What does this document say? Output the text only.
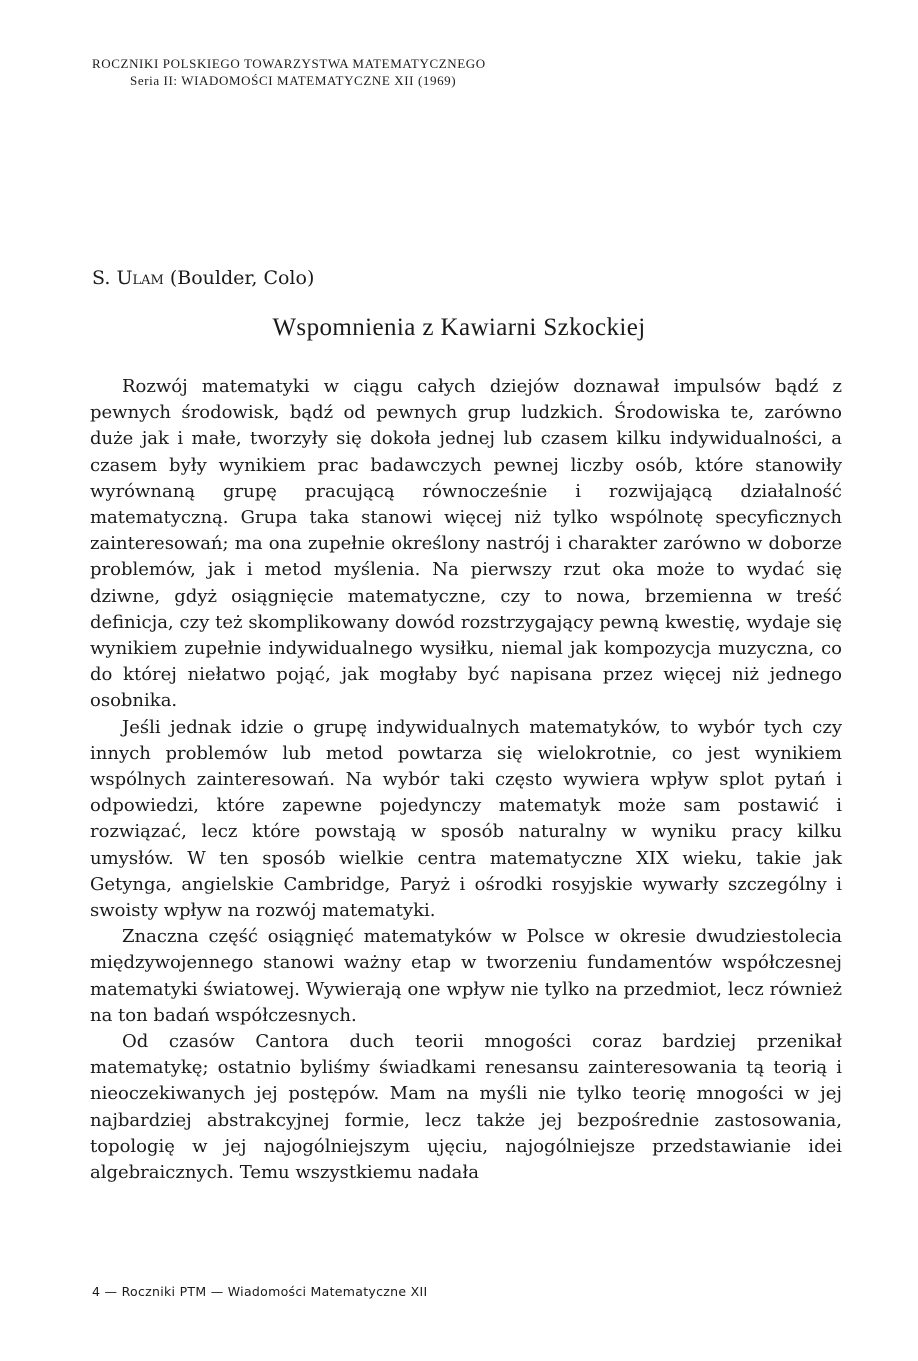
ROCZNIKI POLSKIEGO TOWARZYSTWA MATEMATYCZNEGO
Seria II: WIADOMOŚCI MATEMATYCZNE XII (1969)
S. Ulam (Boulder, Colo)
Wspomnienia z Kawiarni Szkockiej

Rozwój matematyki w ciągu całych dziejów doznawał impulsów bądź z pewnych środowisk, bądź od pewnych grup ludzkich. Środowiska te, zarówno duże jak i małe, tworzyły się dokoła jednej lub czasem kilku indywidualności, a czasem były wynikiem prac badawczych pewnej liczby osób, które stanowiły wyrównaną grupę pracującą równocześnie i rozwijającą działalność matematyczną. Grupa taka stanowi więcej niż tylko wspólnotę specyficznych zainteresowań; ma ona zupełnie określony nastrój i charakter zarówno w doborze problemów, jak i metod myślenia. Na pierwszy rzut oka może to wydać się dziwne, gdyż osiągnięcie matematyczne, czy to nowa, brzemienna w treść definicja, czy też skomplikowany dowód rozstrzygający pewną kwestię, wydaje się wynikiem zupełnie indywidualnego wysiłku, niemal jak kompozycja muzyczna, co do której niełatwo pojąć, jak mogłaby być napisana przez więcej niż jednego osobnika.

Jeśli jednak idzie o grupę indywidualnych matematyków, to wybór tych czy innych problemów lub metod powtarza się wielokrotnie, co jest wynikiem wspólnych zainteresowań. Na wybór taki często wywiera wpływ splot pytań i odpowiedzi, które zapewne pojedynczy matematyk może sam postawić i rozwiązać, lecz które powstają w sposób naturalny w wyniku pracy kilku umysłów. W ten sposób wielkie centra matematyczne XIX wieku, takie jak Getynga, angielskie Cambridge, Paryż i ośrodki rosyjskie wywarły szczególny i swoisty wpływ na rozwój matematyki.

Znaczna część osiągnięć matematyków w Polsce w okresie dwudziestolecia międzywojennego stanowi ważny etap w tworzeniu fundamentów współczesnej matematyki światowej. Wywierają one wpływ nie tylko na przedmiot, lecz również na ton badań współczesnych.

Od czasów Cantora duch teorii mnogości coraz bardziej przenikał matematykę; ostatnio byliśmy świadkami renesansu zainteresowania tą teorią i nieoczekiwanych jej postępów. Mam na myśli nie tylko teorię mnogości w jej najbardziej abstrakcyjnej formie, lecz także jej bezpośrednie zastosowania, topologię w jej najogólniejszym ujęciu, najogólniejsze przedstawianie idei algebraicznych. Temu wszystkiemu nadała

4 — Roczniki PTM — Wiadomości Matematyczne XII
